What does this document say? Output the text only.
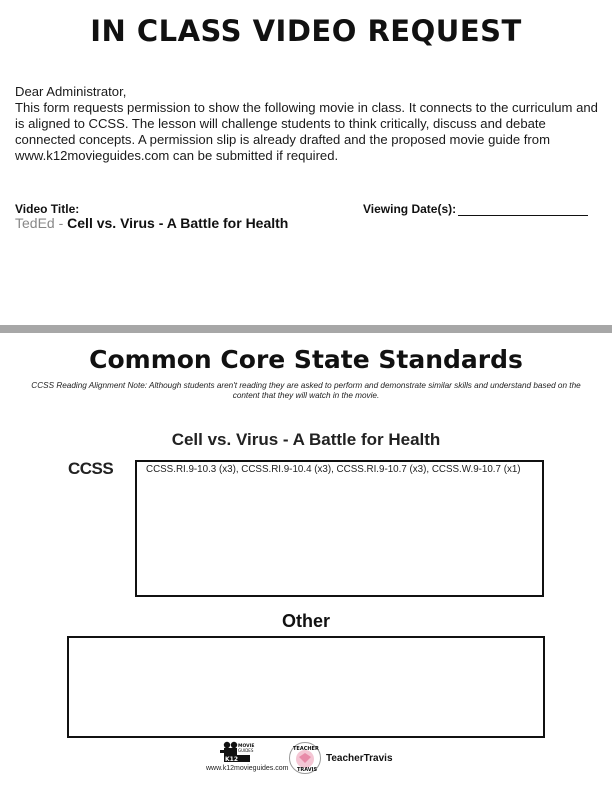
IN CLASS VIDEO REQUEST

Dear Administrator,

This form requests permission to show the following movie in class. It connects to the curriculum and is aligned to CCSS. The lesson will challenge students to think critically, discuss and debate connected concepts. A permission slip is already drafted and the proposed movie guide from www.k12movieguides.com can be submitted if required.

Video Title:
TedEd - Cell vs. Virus - A Battle for Health
Viewing Date(s):
Common Core State Standards
CCSS Reading Alignment Note: Although students aren't reading they are asked to perform and demonstrate similar skills and understand based on the content that they will watch in the movie.
Cell vs. Virus - A Battle for Health
CCSS	CCSS.RI.9-10.3 (x3), CCSS.RI.9-10.4 (x3), CCSS.RI.9-10.7 (x3), CCSS.W.9-10.7 (x1)
Other
K12
MOVIE
GUIDES
www.k12movieguides.com
TEACHER
TRAVIS
TeacherTravis
